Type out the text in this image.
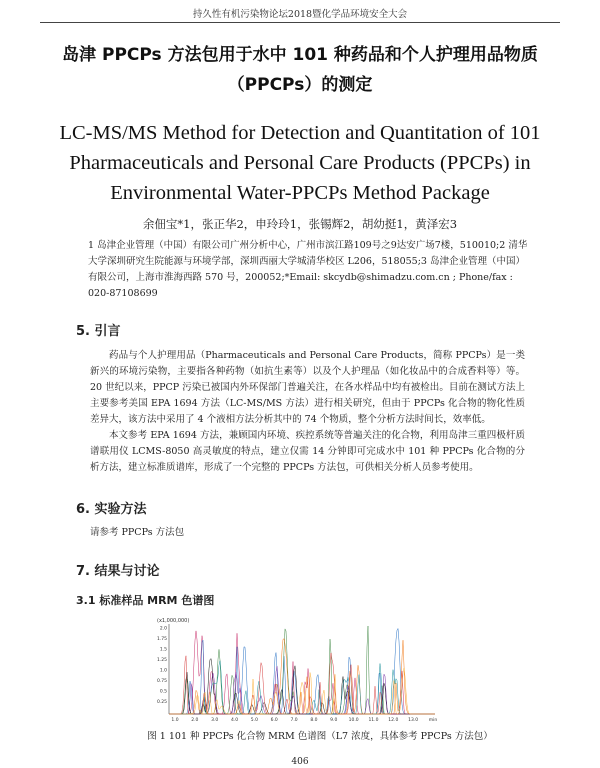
持久性有机污染物论坛2018暨化学品环境安全大会
岛津 PPCPs 方法包用于水中 101 种药品和个人护理用品物质（PPCPs）的测定
LC-MS/MS Method for Detection and Quantitation of 101 Pharmaceuticals and Personal Care Products (PPCPs) in Environmental Water-PPCPs Method Package
余佃宝*1，张正华2，申玲玲1，张锡辉2，胡幼挺1，黄泽宏3
1 岛津企业管理（中国）有限公司广州分析中心，广州市滨江路109号之9达安广场7楼，510010;2 清华大学深圳研究生院能源与环境学部，深圳西丽大学城清华校区 L206，518055;3 岛津企业管理（中国）有限公司，上海市淮海西路 570 号，200052;*Email: skcydb@shimadzu.com.cn ; Phone/fax : 020-87108699
5. 引言

药品与个人护理用品（Pharmaceuticals and Personal Care Products，简称 PPCPs）是一类新兴的环境污染物，主要指各种药物（如抗生素等）以及个人护理品（如化妆品中的合成香料等）等。20 世纪以来，PPCP 污染已被国内外环保部门普遍关注，在各水样品中均有被检出。目前在测试方法上主要参考美国 EPA 1694 方法（LC-MS/MS 方法）进行相关研究，但由于 PPCPs 化合物的物化性质差异大，该方法中采用了 4 个液相方法分析其中的 74 个物质，整个分析方法时间长，效率低。

本文参考 EPA 1694 方法，兼顾国内环境、疾控系统等普遍关注的化合物，利用岛津三重四极杆质谱联用仪 LCMS-8050 高灵敏度的特点，建立仅需 14 分钟即可完成水中 101 种 PPCPs 化合物的分析方法，建立标准质谱库，形成了一个完整的 PPCPs 方法包，可供相关分析人员参考使用。

6. 实验方法
请参考 PPCPs 方法包
7. 结果与讨论
3.1 标准样品 MRM 色谱图
(x1,000,000)
2.0
1.75
1.5
1.25
1.0
0.75
0.5
0.25
1.0	2.0	3.0	4.0	5.0	6.0	7.0	8.0	9.0 10.0 11.0 12.0 13.0 min
图 1 101 种 PPCPs 化合物 MRM 色谱图（L7 浓度，具体参考 PPCPs 方法包）
406
